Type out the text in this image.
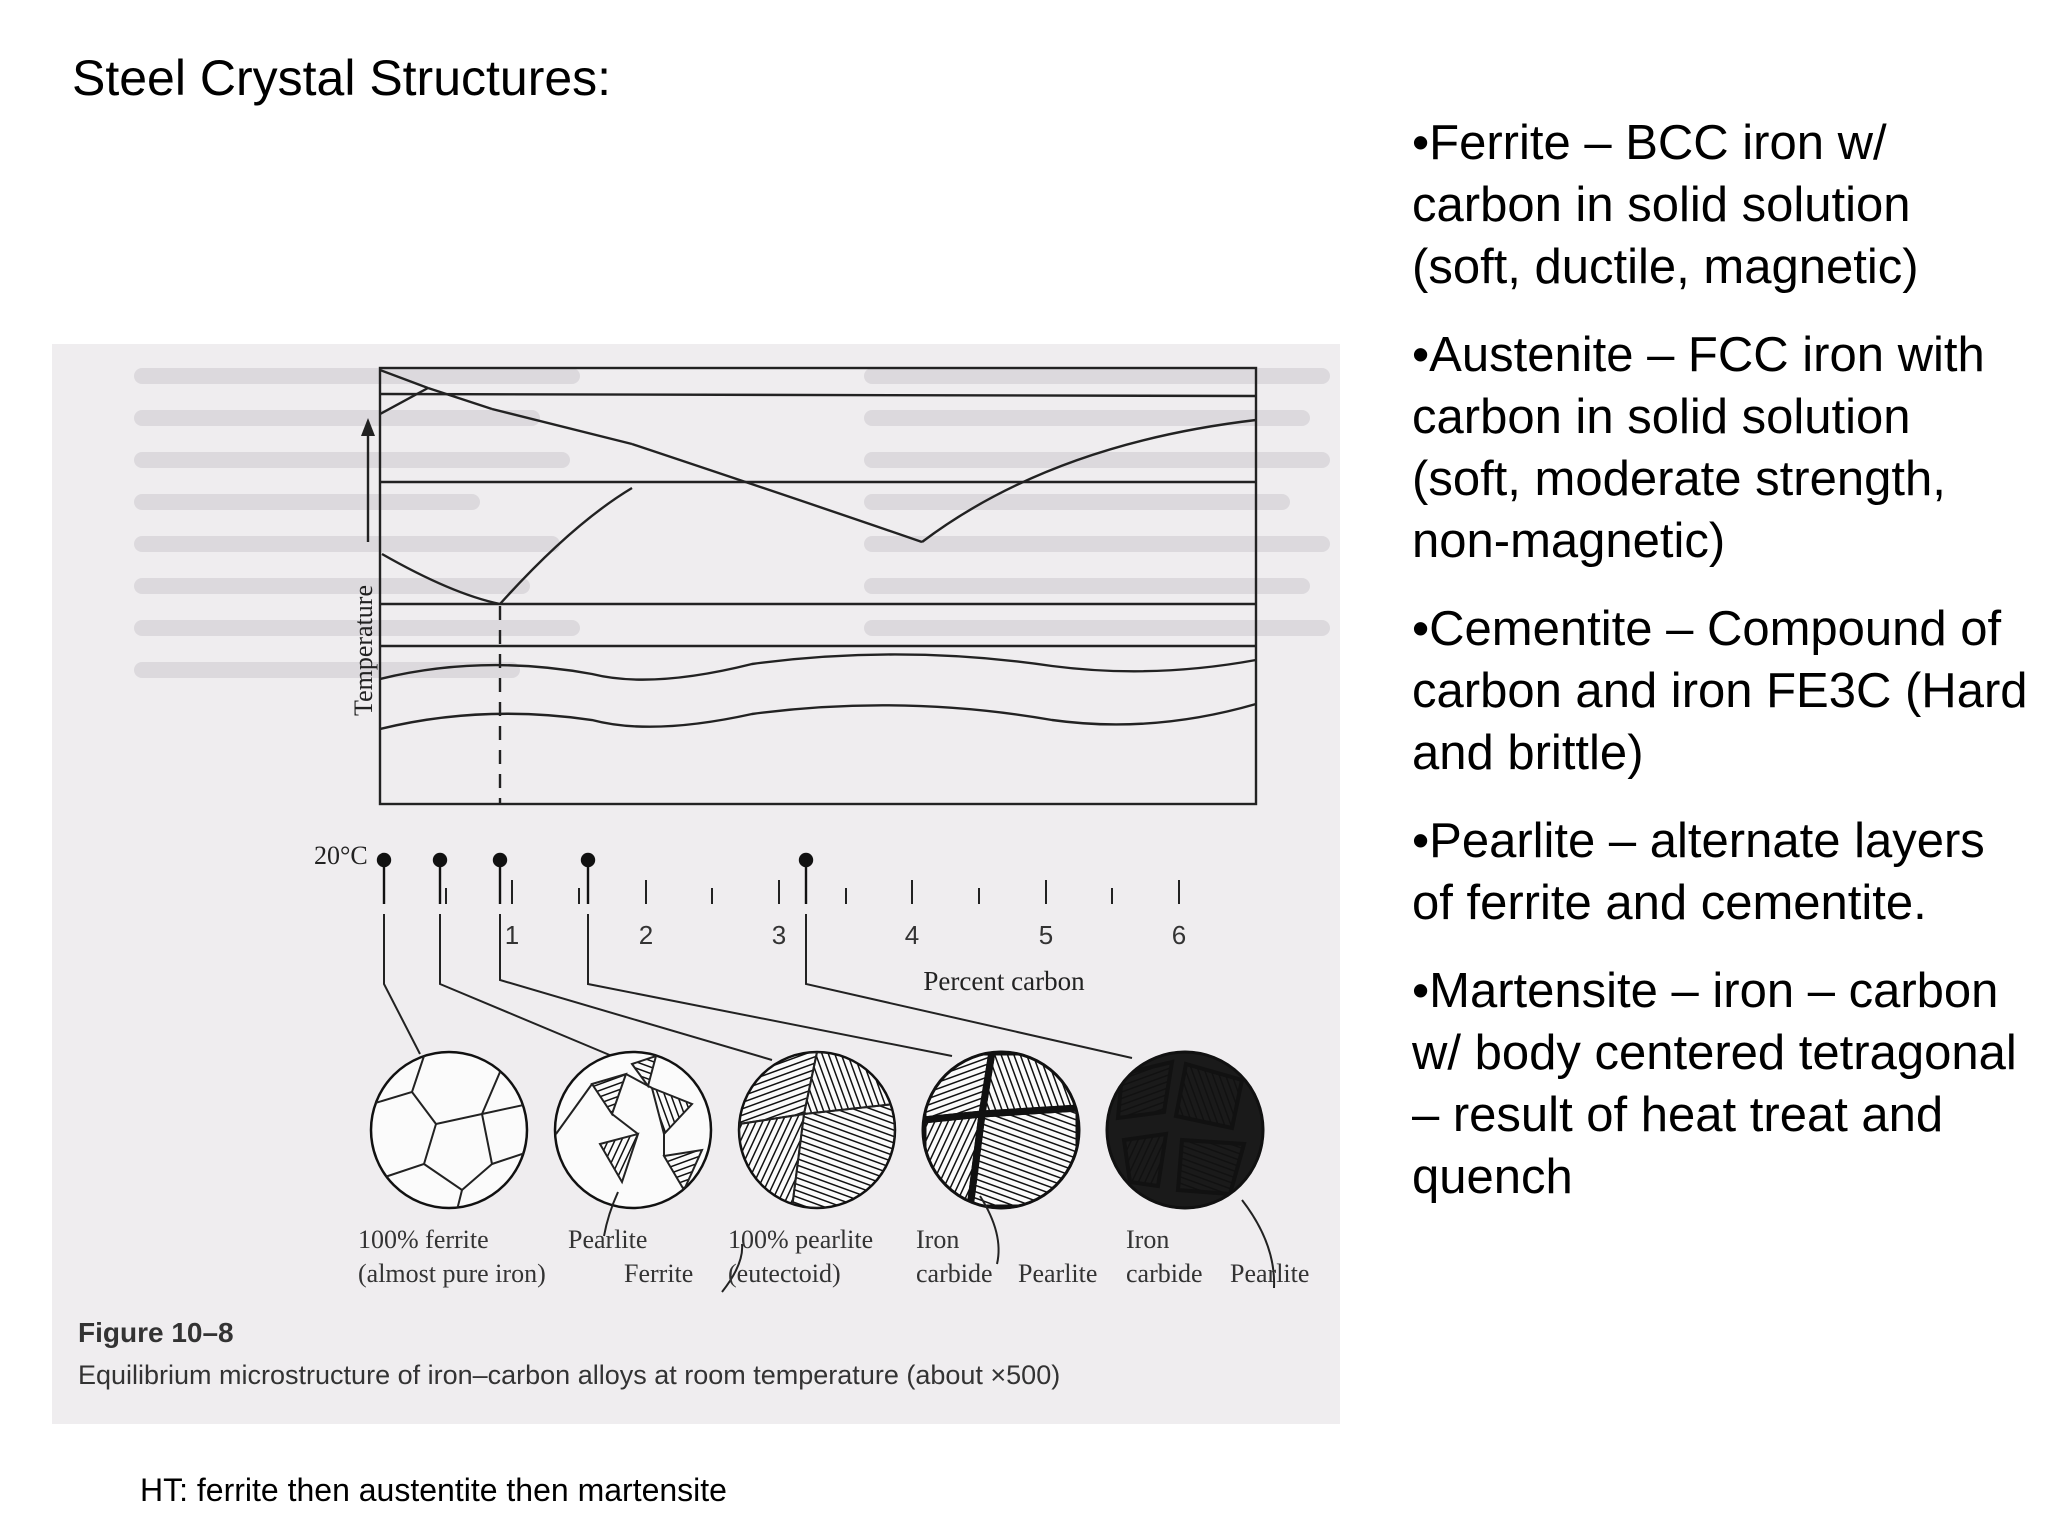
Steel Crystal Structures:
•Ferrite – BCC iron w/ carbon in solid solution (soft, ductile, magnetic)
•Austenite – FCC iron with carbon in solid solution (soft, moderate strength, non-magnetic)
•Cementite – Compound of carbon and iron FE3C (Hard and brittle)
•Pearlite – alternate layers of ferrite and cementite.
•Martensite – iron – carbon w/ body centered tetragonal – result of heat treat and quench
Temperature
20°C
1	2	3	4	5	6
Percent carbon
100% ferrite
(almost pure iron)
Pearlite
Ferrite
100% pearlite
(eutectoid)
Iron
carbide Pearlite
Iron
carbide Pearlite
Figure 10–8
Equilibrium microstructure of iron–carbon alloys at room temperature (about ×500)
HT: ferrite then austentite then martensite
